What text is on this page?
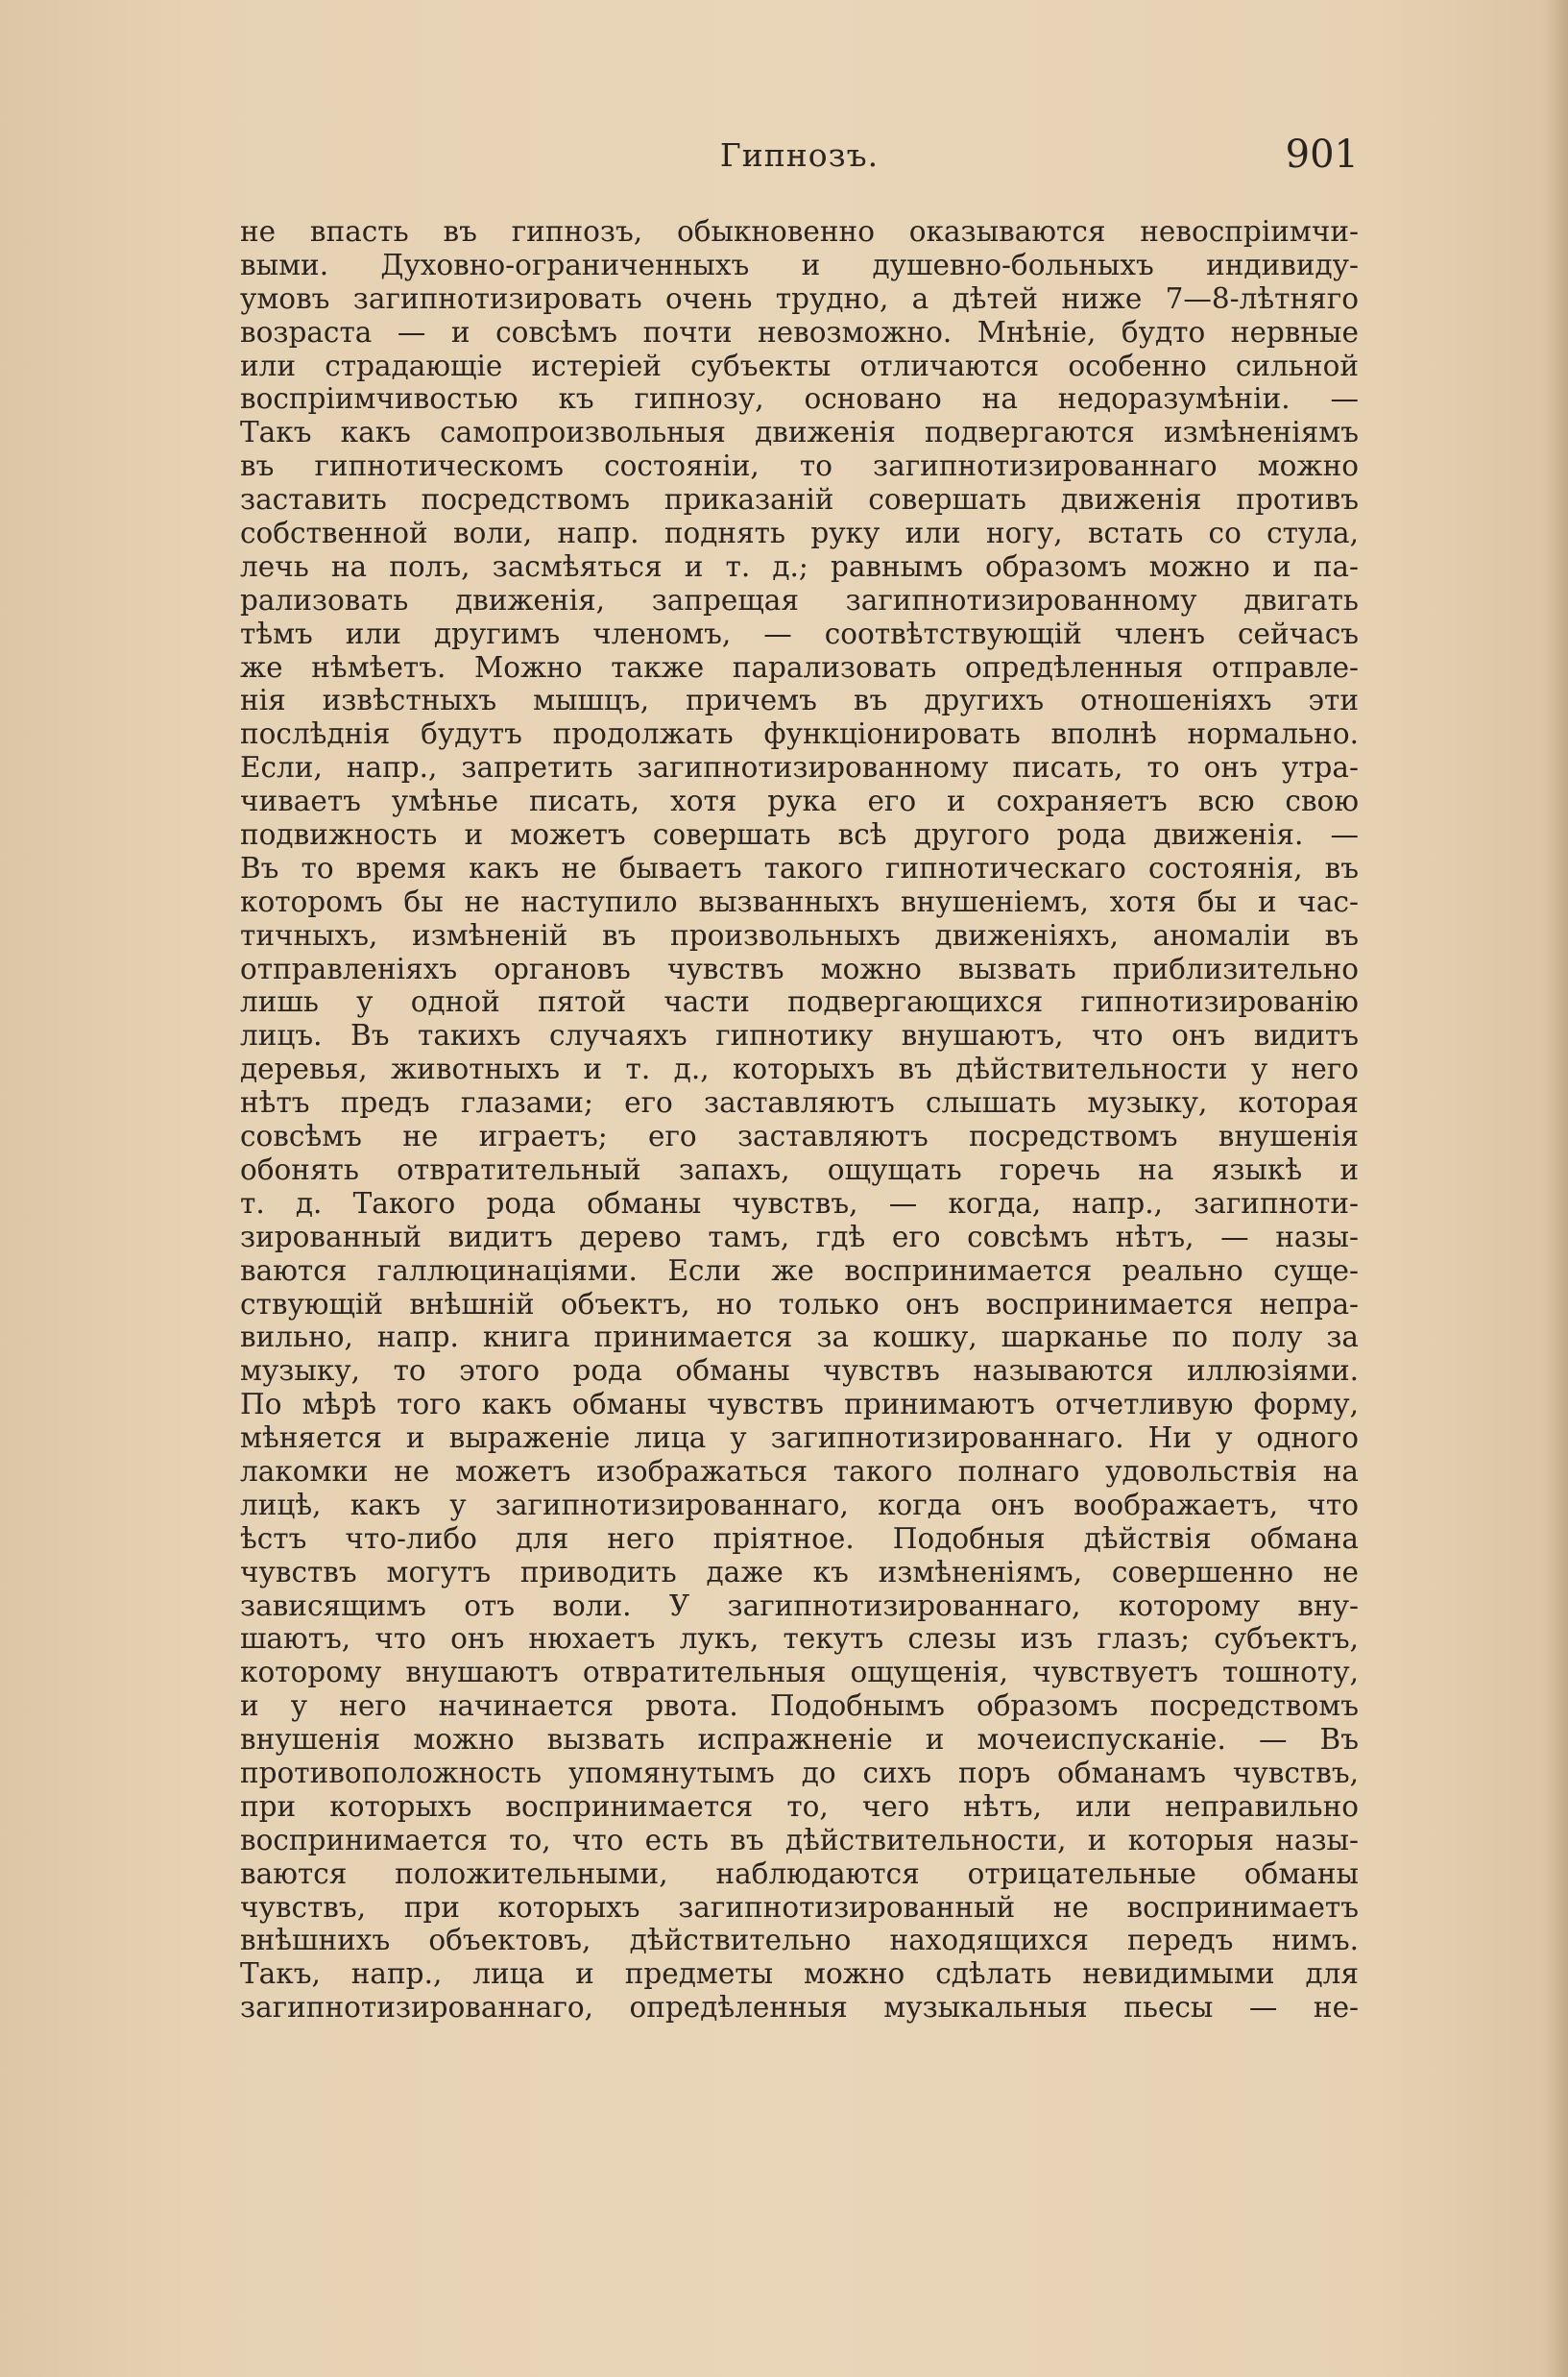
Гипнозъ.	901
не впасть въ гипнозъ, обыкновенно оказываются невоспріимчи-
выми. Духовно-ограниченныхъ и душевно-больныхъ индивиду-
умовъ загипнотизировать очень трудно, а дѣтей ниже 7—8-лѣтняго
возраста — и совсѣмъ почти невозможно. Мнѣніе, будто нервные
или страдающіе истеріей субъекты отличаются особенно сильной
воспріимчивостью къ гипнозу, основано на недоразумѣніи. —
Такъ какъ самопроизвольныя движенія подвергаются измѣненіямъ
въ гипнотическомъ состояніи, то загипнотизированнаго можно
заставить посредствомъ приказаній совершать движенія противъ
собственной воли, напр. поднять руку или ногу, встать со стула,
лечь на полъ, засмѣяться и т. д.; равнымъ образомъ можно и па-
рализовать движенія, запрещая загипнотизированному двигать
тѣмъ или другимъ членомъ, — соотвѣтствующій членъ сейчасъ
же нѣмѣетъ. Можно также парализовать опредѣленныя отправле-
нія извѣстныхъ мышцъ, причемъ въ другихъ отношеніяхъ эти
послѣднія будутъ продолжать функціонировать вполнѣ нормально.
Если, напр., запретить загипнотизированному писать, то онъ утра-
чиваетъ умѣнье писать, хотя рука его и сохраняетъ всю свою
подвижность и можетъ совершать всѣ другого рода движенія. —
Въ то время какъ не бываетъ такого гипнотическаго состоянія, въ
которомъ бы не наступило вызванныхъ внушеніемъ, хотя бы и час-
тичныхъ, измѣненій въ произвольныхъ движеніяхъ, аномаліи въ
отправленіяхъ органовъ чувствъ можно вызвать приблизительно
лишь у одной пятой части подвергающихся гипнотизированію
лицъ. Въ такихъ случаяхъ гипнотику внушаютъ, что онъ видитъ
деревья, животныхъ и т. д., которыхъ въ дѣйствительности у него
нѣтъ предъ глазами; его заставляютъ слышать музыку, которая
совсѣмъ не играетъ; его заставляютъ посредствомъ внушенія
обонять отвратительный запахъ, ощущать горечь на языкѣ и
т. д. Такого рода обманы чувствъ, — когда, напр., загипноти-
зированный видитъ дерево тамъ, гдѣ его совсѣмъ нѣтъ, — назы-
ваются галлюцинаціями. Если же воспринимается реально суще-
ствующій внѣшній объектъ, но только онъ воспринимается непра-
вильно, напр. книга принимается за кошку, шарканье по полу за
музыку, то этого рода обманы чувствъ называются иллюзіями.
По мѣрѣ того какъ обманы чувствъ принимаютъ отчетливую форму,
мѣняется и выраженіе лица у загипнотизированнаго. Ни у одного
лакомки не можетъ изображаться такого полнаго удовольствія на
лицѣ, какъ у загипнотизированнаго, когда онъ воображаетъ, что
ѣстъ что-либо для него пріятное. Подобныя дѣйствія обмана
чувствъ могутъ приводить даже къ измѣненіямъ, совершенно не
зависящимъ отъ воли. У загипнотизированнаго, которому вну-
шаютъ, что онъ нюхаетъ лукъ, текутъ слезы изъ глазъ; субъектъ,
которому внушаютъ отвратительныя ощущенія, чувствуетъ тошноту,
и у него начинается рвота. Подобнымъ образомъ посредствомъ
внушенія можно вызвать испражненіе и мочеиспусканіе. — Въ
противоположность упомянутымъ до сихъ поръ обманамъ чувствъ,
при которыхъ воспринимается то, чего нѣтъ, или неправильно
воспринимается то, что есть въ дѣйствительности, и которыя назы-
ваются положительными, наблюдаются отрицательные обманы
чувствъ, при которыхъ загипнотизированный не воспринимаетъ
внѣшнихъ объектовъ, дѣйствительно находящихся передъ нимъ.
Такъ, напр., лица и предметы можно сдѣлать невидимыми для
загипнотизированнаго, опредѣленныя музыкальныя пьесы — не-
